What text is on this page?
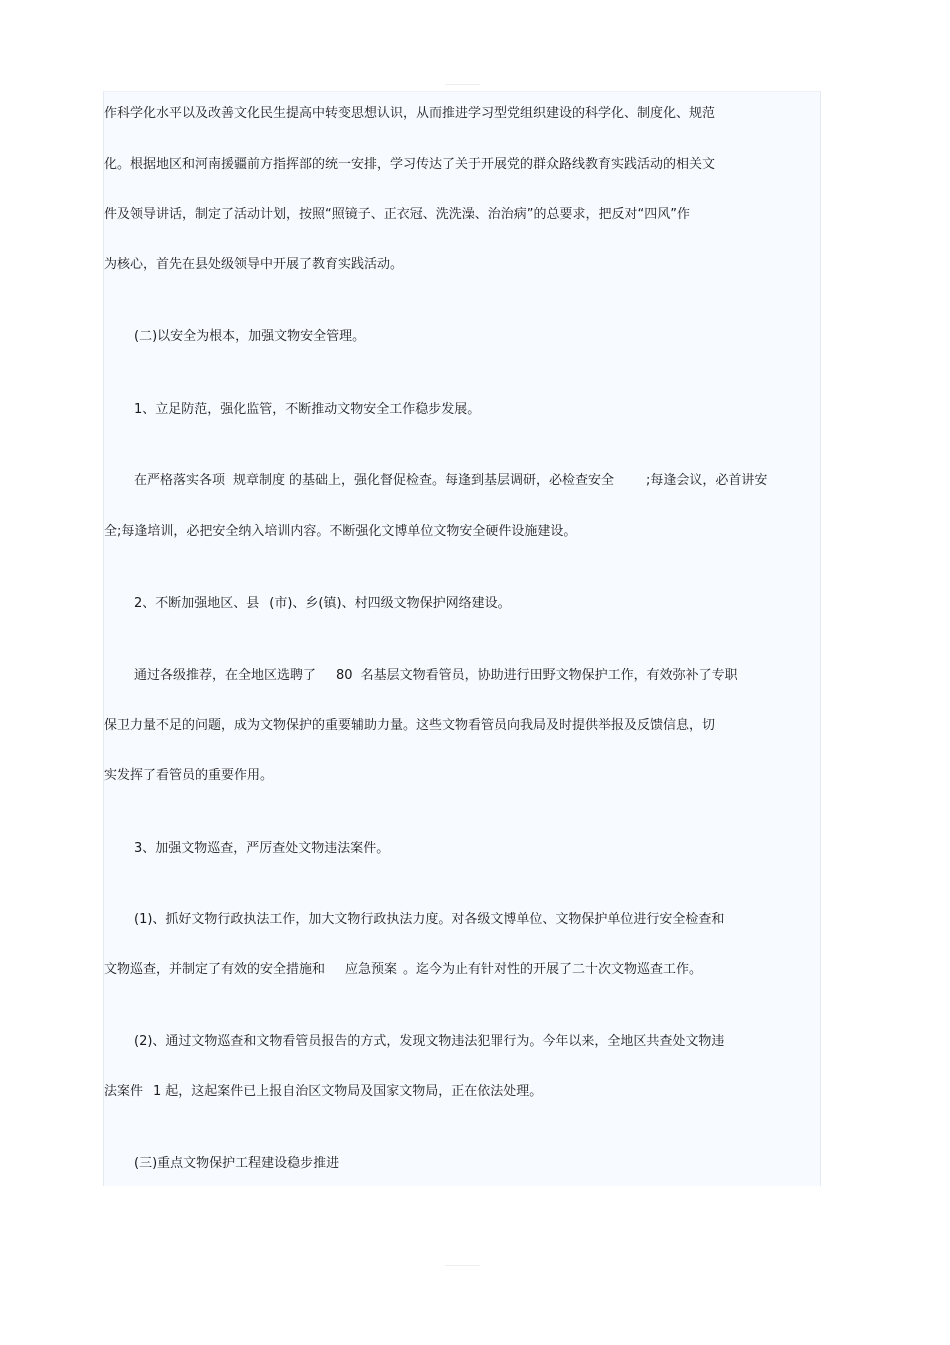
作科学化水平以及改善文化民生提高中转变思想认识，从而推进学习型党组织建设的科学化、制度化、规范
化。根据地区和河南援疆前方指挥部的统一安排，学习传达了关于开展党的群众路线教育实践活动的相关文
件及领导讲话，制定了活动计划，按照“照镜子、正衣冠、洗洗澡、治治病”的总要求，把反对“四风”作
为核心，首先在县处级领导中开展了教育实践活动。
(二)以安全为根本，加强文物安全管理。
1、立足防范，强化监管，不断推动文物安全工作稳步发展。
在严格落实各项 规章制度 的基础上，强化督促检查。每逢到基层调研，必检查安全 ;每逢会议，必首讲安
全;每逢培训，必把安全纳入培训内容。不断强化文博单位文物安全硬件设施建设。
2、不断加强地区、县 (市)、乡(镇)、村四级文物保护网络建设。
通过各级推荐，在全地区选聘了 80 名基层文物看管员，协助进行田野文物保护工作，有效弥补了专职
保卫力量不足的问题，成为文物保护的重要辅助力量。这些文物看管员向我局及时提供举报及反馈信息，切
实发挥了看管员的重要作用。
3、加强文物巡查，严厉查处文物违法案件。
(1)、抓好文物行政执法工作，加大文物行政执法力度。对各级文博单位、文物保护单位进行安全检查和
文物巡查，并制定了有效的安全措施和 应急预案 。迄今为止有针对性的开展了二十次文物巡查工作。
(2)、通过文物巡查和文物看管员报告的方式，发现文物违法犯罪行为。今年以来，全地区共查处文物违
法案件 1 起，这起案件已上报自治区文物局及国家文物局，正在依法处理。
(三)重点文物保护工程建设稳步推进
